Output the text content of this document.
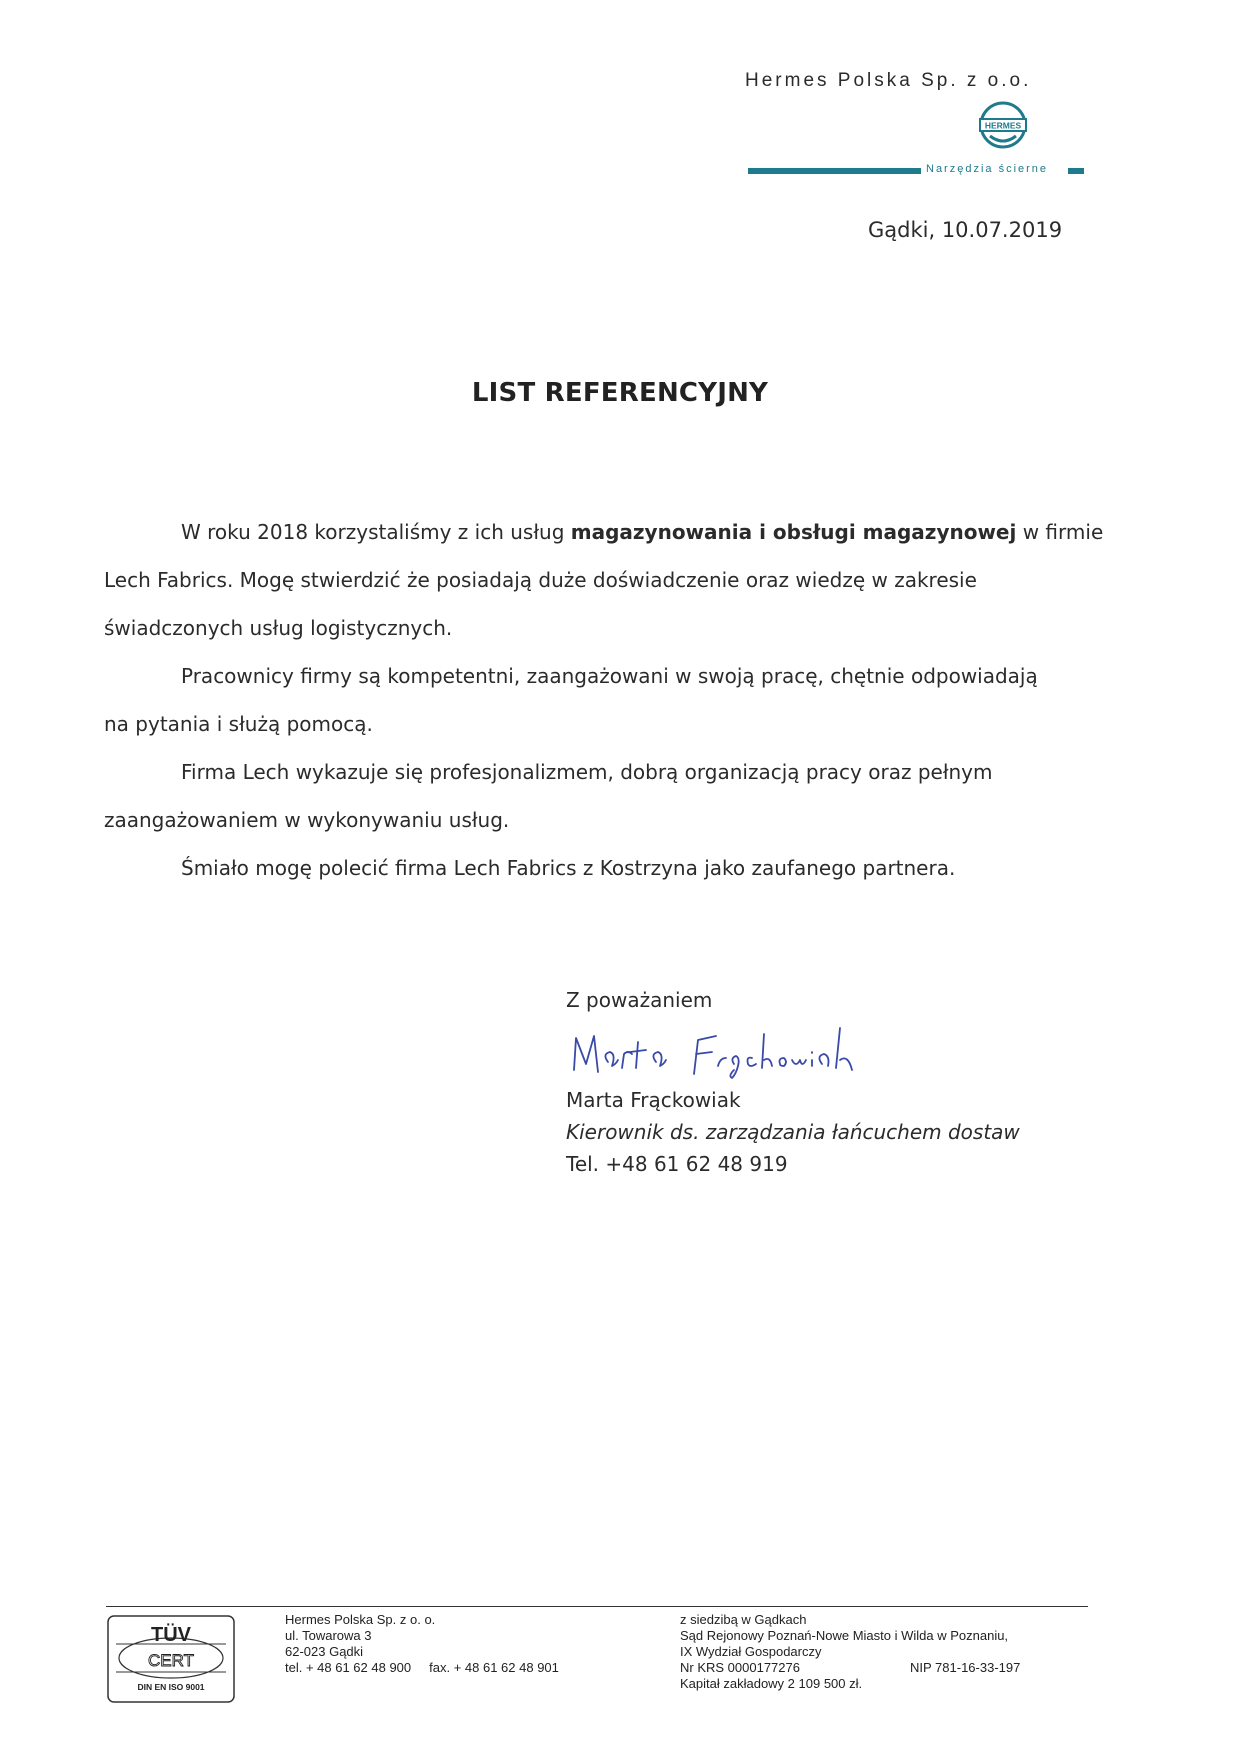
Hermes Polska Sp. z o.o.
HERMES
Narzędzia ścierne
Gądki, 10.07.2019
LIST REFERENCYJNY
W roku 2018 korzystaliśmy z ich usług magazynowania i obsługi magazynowej w firmie
Lech Fabrics. Mogę stwierdzić że posiadają duże doświadczenie oraz wiedzę w zakresie
świadczonych usług logistycznych.
Pracownicy firmy są kompetentni, zaangażowani w swoją pracę, chętnie odpowiadają
na pytania i służą pomocą.
Firma Lech wykazuje się profesjonalizmem, dobrą organizacją pracy oraz pełnym
zaangażowaniem w wykonywaniu usług.
Śmiało mogę polecić firma Lech Fabrics z Kostrzyna jako zaufanego partnera.
Z poważaniem
Marta Frąckowiak
Kierownik ds. zarządzania łańcuchem dostaw
Tel. +48 61 62 48 919
TÜV
CERT
DIN EN ISO 9001
Hermes Polska Sp. z o. o.
ul. Towarowa 3
62-023 Gądki
tel. + 48 61 62 48 900 fax. + 48 61 62 48 901
z siedzibą w Gądkach
Sąd Rejonowy Poznań-Nowe Miasto i Wilda w Poznaniu,
IX Wydział Gospodarczy
Nr KRS 0000177276
Kapitał zakładowy 2 109 500 zł.
NIP 781-16-33-197
